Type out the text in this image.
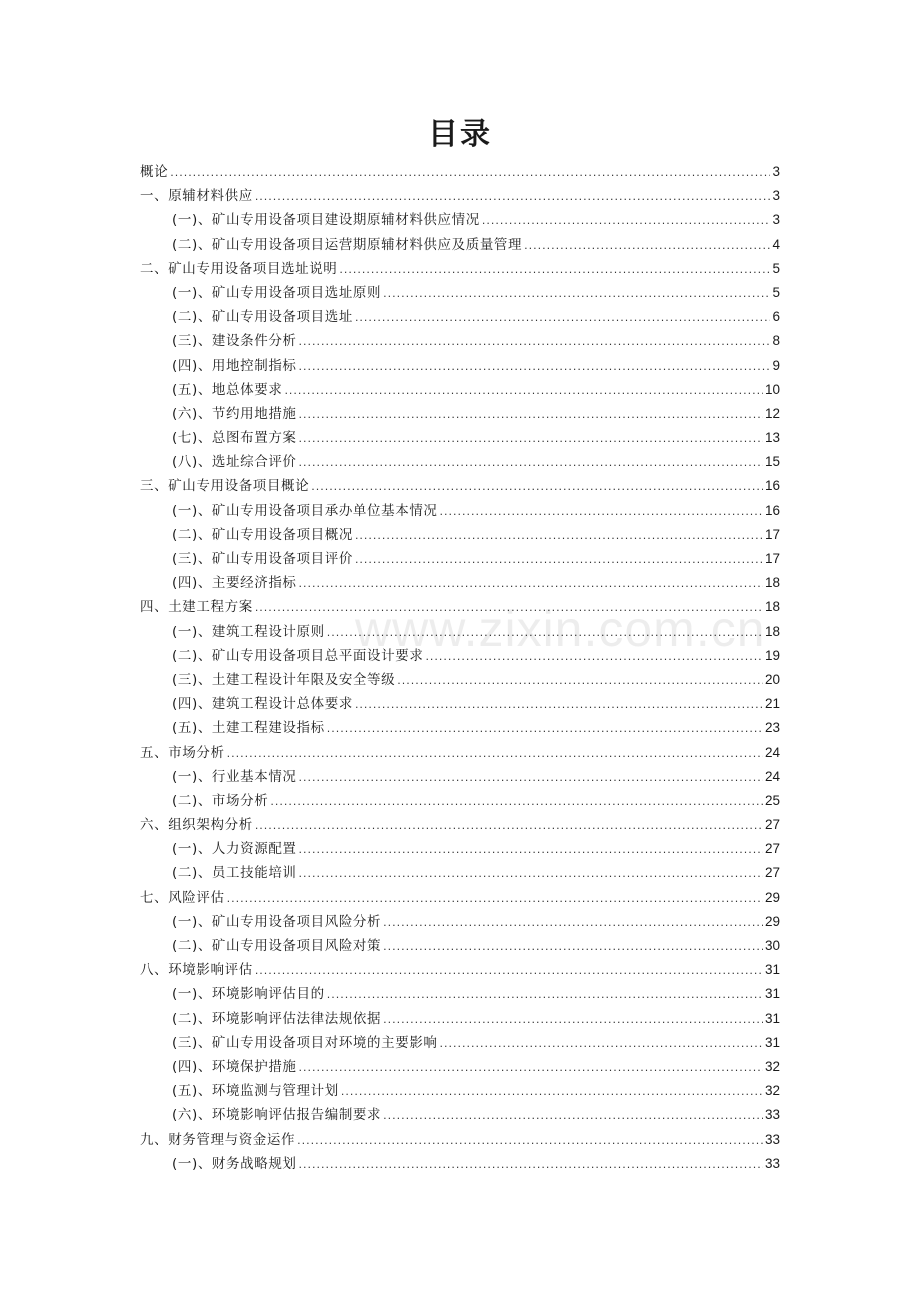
目录
概论 .....	3
一、原辅材料供应 .....	3
(一)、矿山专用设备项目建设期原辅材料供应情况 .....	3
(二)、矿山专用设备项目运营期原辅材料供应及质量管理 .....	4
二、矿山专用设备项目选址说明 .....	5
(一)、矿山专用设备项目选址原则 .....	5
(二)、矿山专用设备项目选址 .....	6
(三)、建设条件分析 .....	8
(四)、用地控制指标 .....	9
(五)、地总体要求 .....	10
(六)、节约用地措施 .....	12
(七)、总图布置方案 .....	13
(八)、选址综合评价 .....	15
三、矿山专用设备项目概论 .....	16
(一)、矿山专用设备项目承办单位基本情况 .....	16
(二)、矿山专用设备项目概况 .....	17
(三)、矿山专用设备项目评价 .....	17
(四)、主要经济指标 .....	18
四、土建工程方案 .....	18
(一)、建筑工程设计原则 .....	18
(二)、矿山专用设备项目总平面设计要求 .....	19
(三)、土建工程设计年限及安全等级 .....	20
(四)、建筑工程设计总体要求 .....	21
(五)、土建工程建设指标 .....	23
五、市场分析 .....	24
(一)、行业基本情况 .....	24
(二)、市场分析 .....	25
六、组织架构分析 .....	27
(一)、人力资源配置 .....	27
(二)、员工技能培训 .....	27
七、风险评估 .....	29
(一)、矿山专用设备项目风险分析 .....	29
(二)、矿山专用设备项目风险对策 .....	30
八、环境影响评估 .....	31
(一)、环境影响评估目的 .....	31
(二)、环境影响评估法律法规依据 .....	31
(三)、矿山专用设备项目对环境的主要影响 .....	31
(四)、环境保护措施 .....	32
(五)、环境监测与管理计划 .....	32
(六)、环境影响评估报告编制要求 .....	33
九、财务管理与资金运作 .....	33
(一)、财务战略规划 .....	33
www.zixin.com.cn
